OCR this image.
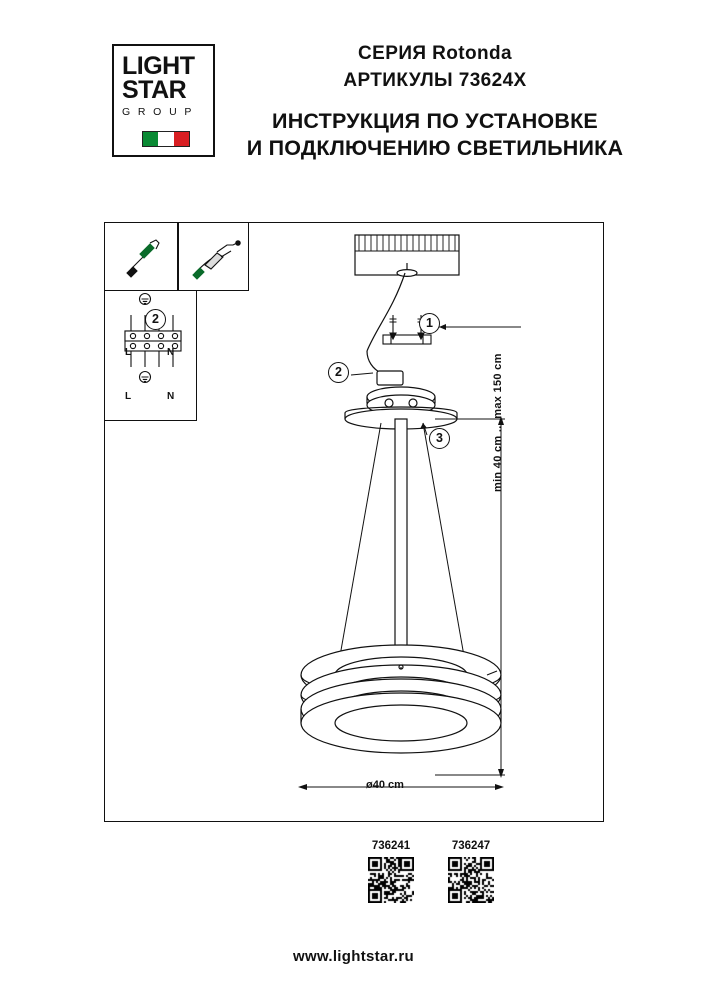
LIGHT
STAR
G R O U P
СЕРИЯ Rotonda
АРТИКУЛЫ 73624X
ИНСТРУКЦИЯ ПО УСТАНОВКЕ
И ПОДКЛЮЧЕНИЮ СВЕТИЛЬНИКА
L	N
L	N
1
2
3
2
min 40 cm ... max 150 cm
ø40 cm
736241	736247
www.lightstar.ru
